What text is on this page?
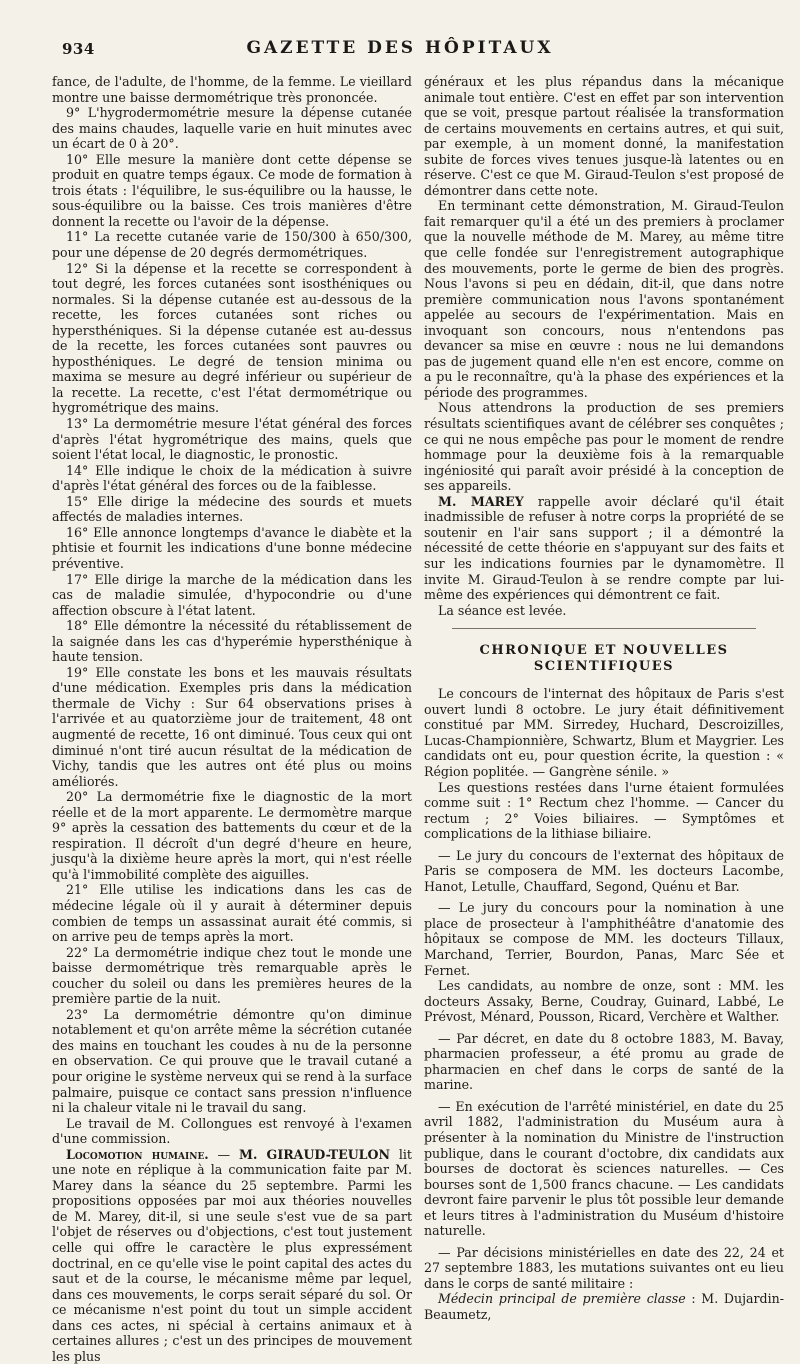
934	GAZETTE DES HÔPITAUX

fance, de l'adulte, de l'homme, de la femme. Le vieillard montre une baisse dermométrique très prononcée.

9° L'hygrodermométrie mesure la dépense cutanée des mains chaudes, laquelle varie en huit minutes avec un écart de 0 à 20°.

10° Elle mesure la manière dont cette dépense se produit en quatre temps égaux. Ce mode de formation à trois états : l'équilibre, le sus-équilibre ou la hausse, le sous-équilibre ou la baisse. Ces trois manières d'être donnent la recette ou l'avoir de la dépense.

11° La recette cutanée varie de 150/300 à 650/300, pour une dépense de 20 degrés dermométriques.

12° Si la dépense et la recette se correspondent à tout degré, les forces cutanées sont isosthéniques ou normales. Si la dépense cutanée est au-dessous de la recette, les forces cutanées sont riches ou hypersthéniques. Si la dépense cutanée est au-dessus de la recette, les forces cutanées sont pauvres ou hyposthéniques. Le degré de tension minima ou maxima se mesure au degré inférieur ou supérieur de la recette. La recette, c'est l'état dermométrique ou hygrométrique des mains.

13° La dermométrie mesure l'état général des forces d'après l'état hygrométrique des mains, quels que soient l'état local, le diagnostic, le pronostic.

14° Elle indique le choix de la médication à suivre d'après l'état général des forces ou de la faiblesse.

15° Elle dirige la médecine des sourds et muets affectés de maladies internes.

16° Elle annonce longtemps d'avance le diabète et la phtisie et fournit les indications d'une bonne médecine préventive.

17° Elle dirige la marche de la médication dans les cas de maladie simulée, d'hypocondrie ou d'une affection obscure à l'état latent.

18° Elle démontre la nécessité du rétablissement de la saignée dans les cas d'hyperémie hypersthénique à haute tension.

19° Elle constate les bons et les mauvais résultats d'une médication. Exemples pris dans la médication thermale de Vichy : Sur 64 observations prises à l'arrivée et au quatorzième jour de traitement, 48 ont augmenté de recette, 16 ont diminué. Tous ceux qui ont diminué n'ont tiré aucun résultat de la médication de Vichy, tandis que les autres ont été plus ou moins améliorés.

20° La dermométrie fixe le diagnostic de la mort réelle et de la mort apparente. Le dermomètre marque 9° après la cessation des battements du cœur et de la respiration. Il décroît d'un degré d'heure en heure, jusqu'à la dixième heure après la mort, qui n'est réelle qu'à l'immobilité complète des aiguilles.

21° Elle utilise les indications dans les cas de médecine légale où il y aurait à déterminer depuis combien de temps un assassinat aurait été commis, si on arrive peu de temps après la mort.

22° La dermométrie indique chez tout le monde une baisse dermométrique très remarquable après le coucher du soleil ou dans les premières heures de la première partie de la nuit.

23° La dermométrie démontre qu'on diminue notablement et qu'on arrête même la sécrétion cutanée des mains en touchant les coudes à nu de la personne en observation. Ce qui prouve que le travail cutané a pour origine le système nerveux qui se rend à la surface palmaire, puisque ce contact sans pression n'influence ni la chaleur vitale ni le travail du sang.

Le travail de M. Collongues est renvoyé à l'examen d'une commission.

Locomotion humaine. — M. GIRAUD-TEULON lit une note en réplique à la communication faite par M. Marey dans la séance du 25 septembre. Parmi les propositions opposées par moi aux théories nouvelles de M. Marey, dit-il, si une seule s'est vue de sa part l'objet de réserves ou d'objections, c'est tout justement celle qui offre le caractère le plus expressément doctrinal, en ce qu'elle vise le point capital des actes du saut et de la course, le mécanisme même par lequel, dans ces mouvements, le corps serait séparé du sol. Or ce mécanisme n'est point du tout un simple accident dans ces actes, ni spécial à certains animaux et à certaines allures ; c'est un des principes de mouvement les plus

généraux et les plus répandus dans la mécanique animale tout entière. C'est en effet par son intervention que se voit, presque partout réalisée la transformation de certains mouvements en certains autres, et qui suit, par exemple, à un moment donné, la manifestation subite de forces vives tenues jusque-là latentes ou en réserve. C'est ce que M. Giraud-Teulon s'est proposé de démontrer dans cette note.

En terminant cette démonstration, M. Giraud-Teulon fait remarquer qu'il a été un des premiers à proclamer que la nouvelle méthode de M. Marey, au même titre que celle fondée sur l'enregistrement autographique des mouvements, porte le germe de bien des progrès. Nous l'avons si peu en dédain, dit-il, que dans notre première communication nous l'avons spontanément appelée au secours de l'expérimentation. Mais en invoquant son concours, nous n'entendons pas devancer sa mise en œuvre : nous ne lui demandons pas de jugement quand elle n'en est encore, comme on a pu le reconnaître, qu'à la phase des expériences et la période des programmes.

Nous attendrons la production de ses premiers résultats scientifiques avant de célébrer ses conquêtes ; ce qui ne nous empêche pas pour le moment de rendre hommage pour la deuxième fois à la remarquable ingéniosité qui paraît avoir présidé à la conception de ses appareils.

M. MAREY rappelle avoir déclaré qu'il était inadmissible de refuser à notre corps la propriété de se soutenir en l'air sans support ; il a démontré la nécessité de cette théorie en s'appuyant sur des faits et sur les indications fournies par le dynamomètre. Il invite M. Giraud-Teulon à se rendre compte par lui-même des expériences qui démontrent ce fait.

La séance est levée.

CHRONIQUE ET NOUVELLES SCIENTIFIQUES

Le concours de l'internat des hôpitaux de Paris s'est ouvert lundi 8 octobre. Le jury était définitivement constitué par MM. Sirredey, Huchard, Descroizilles, Lucas-Championnière, Schwartz, Blum et Maygrier. Les candidats ont eu, pour question écrite, la question : « Région poplitée. — Gangrène sénile. »

Les questions restées dans l'urne étaient formulées comme suit : 1° Rectum chez l'homme. — Cancer du rectum ; 2° Voies biliaires. — Symptômes et complications de la lithiase biliaire.

— Le jury du concours de l'externat des hôpitaux de Paris se composera de MM. les docteurs Lacombe, Hanot, Letulle, Chauffard, Segond, Quénu et Bar.

— Le jury du concours pour la nomination à une place de prosecteur à l'amphithéâtre d'anatomie des hôpitaux se compose de MM. les docteurs Tillaux, Marchand, Terrier, Bourdon, Panas, Marc Sée et Fernet.

Les candidats, au nombre de onze, sont : MM. les docteurs Assaky, Berne, Coudray, Guinard, Labbé, Le Prévost, Ménard, Pousson, Ricard, Verchère et Walther.

— Par décret, en date du 8 octobre 1883, M. Bavay, pharmacien professeur, a été promu au grade de pharmacien en chef dans le corps de santé de la marine.

— En exécution de l'arrêté ministériel, en date du 25 avril 1882, l'administration du Muséum aura à présenter à la nomination du Ministre de l'instruction publique, dans le courant d'octobre, dix candidats aux bourses de doctorat ès sciences naturelles. — Ces bourses sont de 1,500 francs chacune. — Les candidats devront faire parvenir le plus tôt possible leur demande et leurs titres à l'administration du Muséum d'histoire naturelle.

— Par décisions ministérielles en date des 22, 24 et 27 septembre 1883, les mutations suivantes ont eu lieu dans le corps de santé militaire :

Médecin principal de première classe : M. Dujardin-Beaumetz,
